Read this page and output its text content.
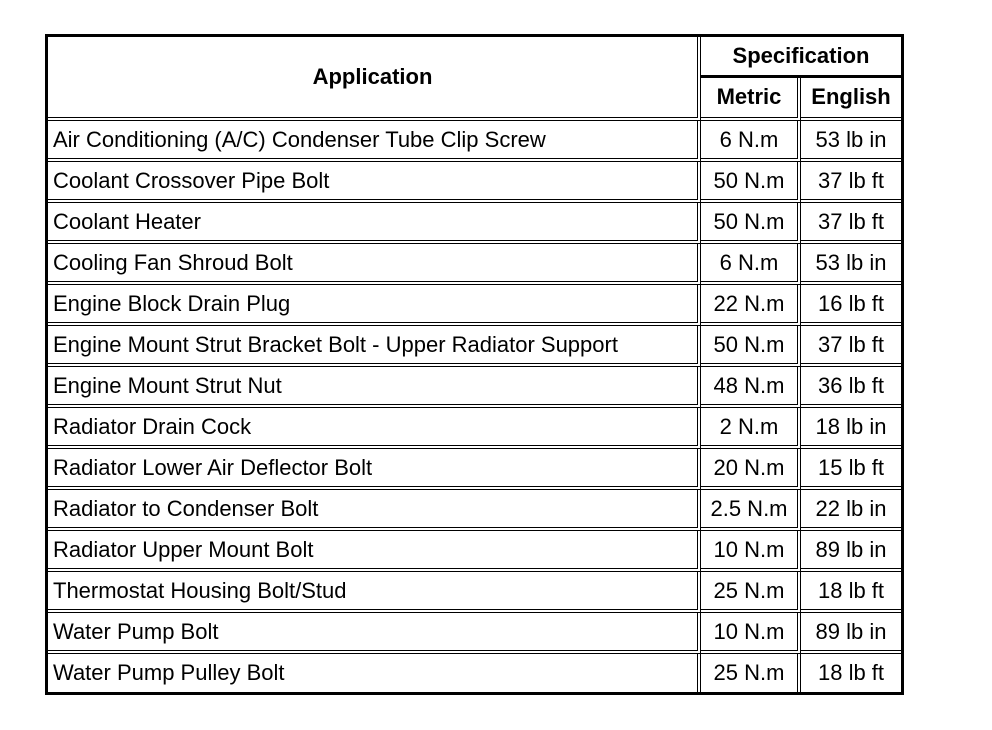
Application	Specification	
	Metric	English
Air Conditioning (A/C) Condenser Tube Clip Screw	6 N.m	53 lb in
Coolant Crossover Pipe Bolt	50 N.m	37 lb ft
Coolant Heater	50 N.m	37 lb ft
Cooling Fan Shroud Bolt	6 N.m	53 lb in
Engine Block Drain Plug	22 N.m	16 lb ft
Engine Mount Strut Bracket Bolt - Upper Radiator Support	50 N.m	37 lb ft
Engine Mount Strut Nut	48 N.m	36 lb ft
Radiator Drain Cock	2 N.m	18 lb in
Radiator Lower Air Deflector Bolt	20 N.m	15 lb ft
Radiator to Condenser Bolt	2.5 N.m	22 lb in
Radiator Upper Mount Bolt	10 N.m	89 lb in
Thermostat Housing Bolt/Stud	25 N.m	18 lb ft
Water Pump Bolt	10 N.m	89 lb in
Water Pump Pulley Bolt	25 N.m	18 lb ft
